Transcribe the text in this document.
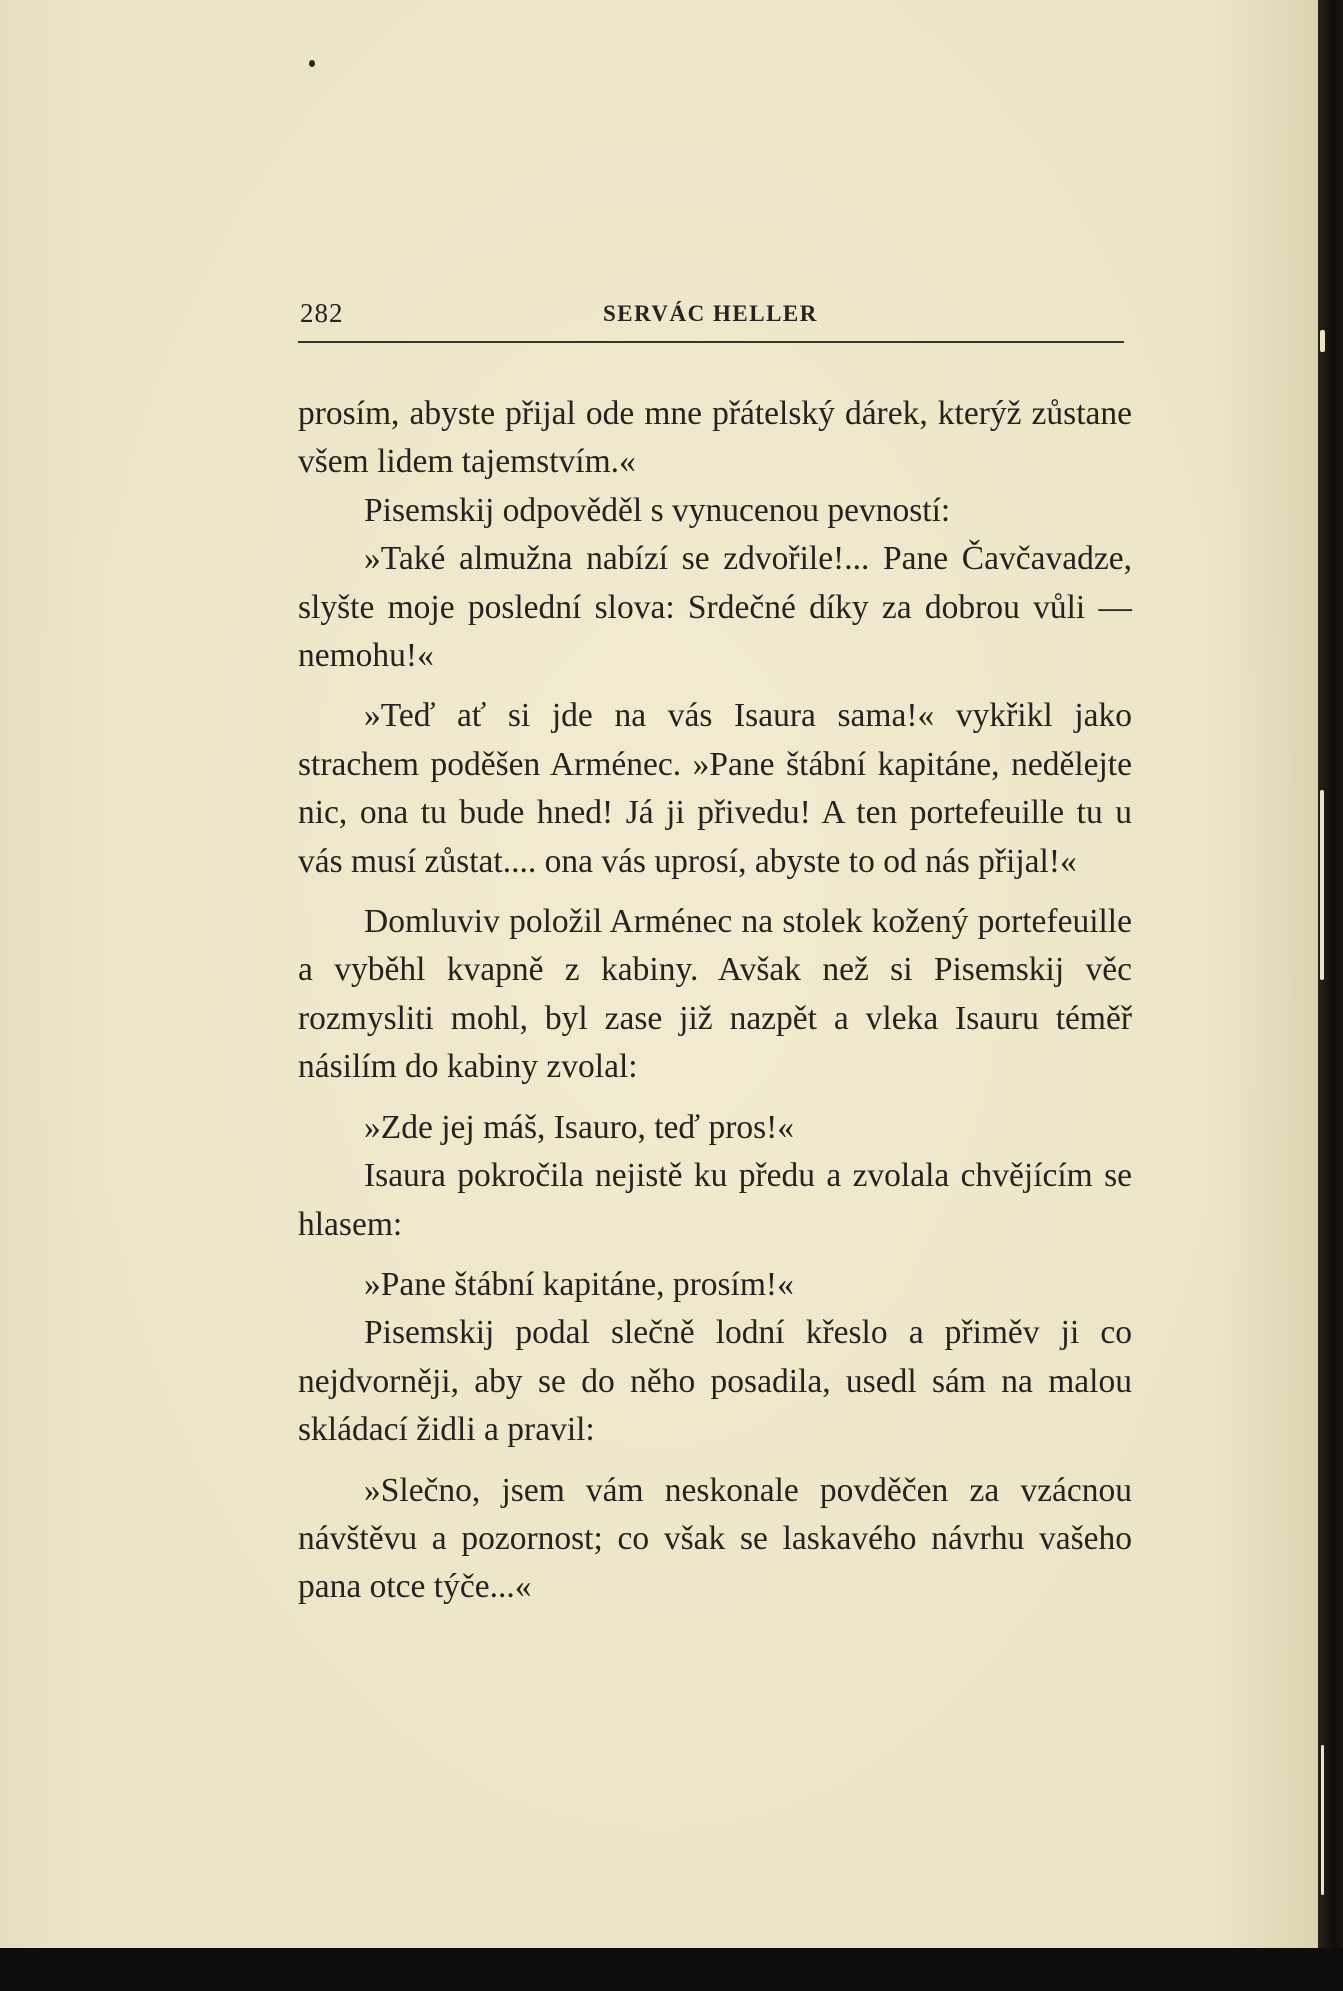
282	SERVÁC HELLER

prosím, abyste přijal ode mne přátelský dárek, kterýž zůstane všem lidem tajemstvím.«

Pisemskij odpověděl s vynucenou pevností:

»Také almužna nabízí se zdvořile!... Pane Čavčavadze, slyšte moje poslední slova: Srdečné díky za dobrou vůli — nemohu!«

»Teď ať si jde na vás Isaura sama!« vykřikl jako strachem poděšen Arménec. »Pane štábní kapitáne, nedělejte nic, ona tu bude hned! Já ji přivedu! A ten portefeuille tu u vás musí zůstat.... ona vás uprosí, abyste to od nás přijal!«

Domluviv položil Arménec na stolek kožený portefeuille a vyběhl kvapně z kabiny. Avšak než si Pisemskij věc rozmysliti mohl, byl zase již nazpět a vleka Isauru téměř násilím do kabiny zvolal:

»Zde jej máš, Isauro, teď pros!«

Isaura pokročila nejistě ku předu a zvolala chvějícím se hlasem:

»Pane štábní kapitáne, prosím!«

Pisemskij podal slečně lodní křeslo a přiměv ji co nejdvorněji, aby se do něho posadila, usedl sám na malou skládací židli a pravil:

»Slečno, jsem vám neskonale povděčen za vzácnou návštěvu a pozornost; co však se laskavého návrhu vašeho pana otce týče...«
